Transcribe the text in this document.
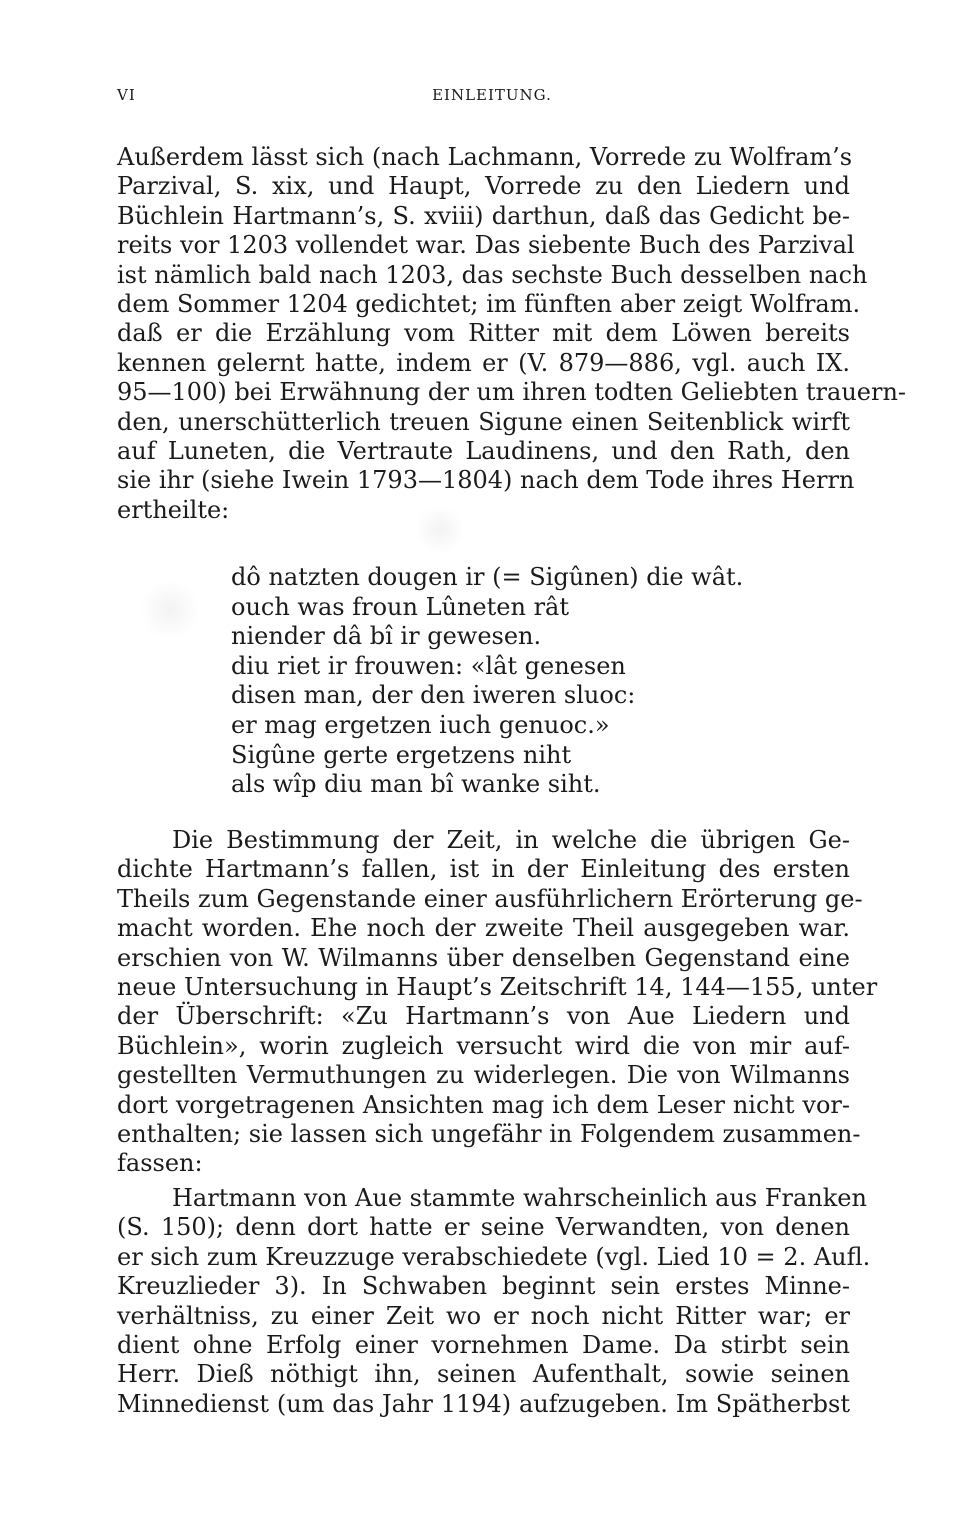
VI	EINLEITUNG.
Außerdem lässt sich (nach Lachmann, Vorrede zu Wolfram’s
Parzival, S. xix, und Haupt, Vorrede zu den Liedern und
Büchlein Hartmann’s, S. xviii) darthun, daß das Gedicht be-
reits vor 1203 vollendet war. Das siebente Buch des Parzival
ist nämlich bald nach 1203, das sechste Buch desselben nach
dem Sommer 1204 gedichtet; im fünften aber zeigt Wolfram.
daß er die Erzählung vom Ritter mit dem Löwen bereits
kennen gelernt hatte, indem er (V. 879—886, vgl. auch IX.
95—100) bei Erwähnung der um ihren todten Geliebten trauern-
den, unerschütterlich treuen Sigune einen Seitenblick wirft
auf Luneten, die Vertraute Laudinens, und den Rath, den
sie ihr (siehe Iwein 1793—1804) nach dem Tode ihres Herrn
ertheilte:
dô natzten dougen ir (= Sigûnen) die wât.
ouch was froun Lûneten rât
niender dâ bî ir gewesen.
diu riet ir frouwen: «lât genesen
disen man, der den iweren sluoc:
er mag ergetzen iuch genuoc.»
Sigûne gerte ergetzens niht
als wîp diu man bî wanke siht.
Die Bestimmung der Zeit, in welche die übrigen Ge-
dichte Hartmann’s fallen, ist in der Einleitung des ersten
Theils zum Gegenstande einer ausführlichern Erörterung ge-
macht worden. Ehe noch der zweite Theil ausgegeben war.
erschien von W. Wilmanns über denselben Gegenstand eine
neue Untersuchung in Haupt’s Zeitschrift 14, 144—155, unter
der Überschrift: «Zu Hartmann’s von Aue Liedern und
Büchlein», worin zugleich versucht wird die von mir auf-
gestellten Vermuthungen zu widerlegen. Die von Wilmanns
dort vorgetragenen Ansichten mag ich dem Leser nicht vor-
enthalten; sie lassen sich ungefähr in Folgendem zusammen-
fassen:
Hartmann von Aue stammte wahrscheinlich aus Franken
(S. 150); denn dort hatte er seine Verwandten, von denen
er sich zum Kreuzzuge verabschiedete (vgl. Lied 10 = 2. Aufl.
Kreuzlieder 3). In Schwaben beginnt sein erstes Minne-
verhältniss, zu einer Zeit wo er noch nicht Ritter war; er
dient ohne Erfolg einer vornehmen Dame. Da stirbt sein
Herr. Dieß nöthigt ihn, seinen Aufenthalt, sowie seinen
Minnedienst (um das Jahr 1194) aufzugeben. Im Spätherbst
